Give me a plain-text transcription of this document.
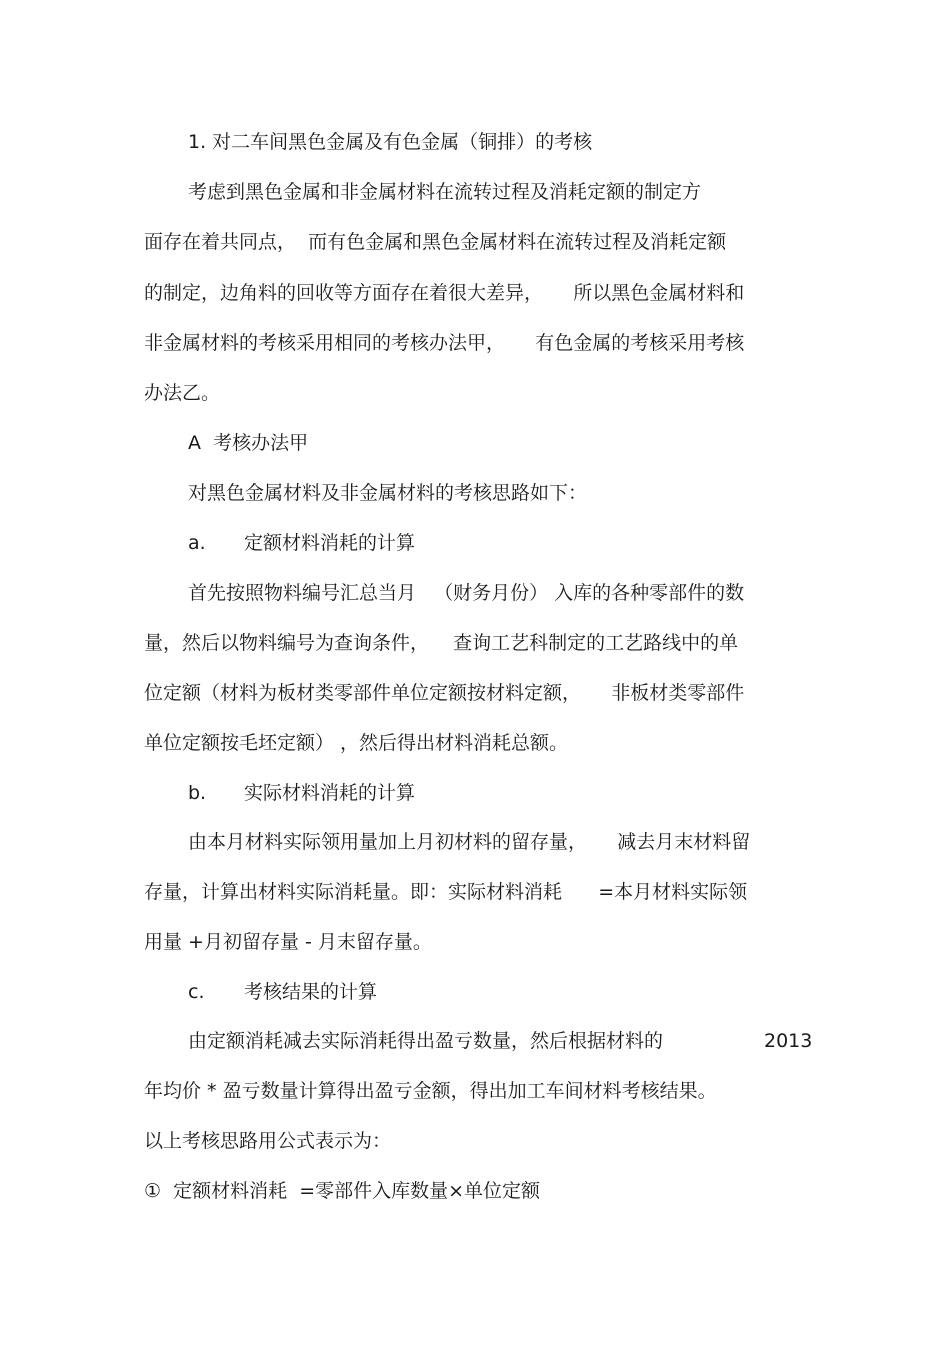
1. 对二车间黑色金属及有色金属（铜排）的考核
考虑到黑色金属和非金属材料在流转过程及消耗定额的制定方
面存在着共同点，  而有色金属和黑色金属材料在流转过程及消耗定额
的制定，边角料的回收等方面存在着很大差异，     所以黑色金属材料和
非金属材料的考核采用相同的考核办法甲，     有色金属的考核采用考核
办法乙。
A  考核办法甲
对黑色金属材料及非金属材料的考核思路如下：
a. 定额材料消耗的计算
首先按照物料编号汇总当月   （财务月份） 入库的各种零部件的数
量，然后以物料编号为查询条件，    查询工艺科制定的工艺路线中的单
位定额（材料为板材类零部件单位定额按材料定额，     非板材类零部件
单位定额按毛坯定额） ，然后得出材料消耗总额。
b. 实际材料消耗的计算
由本月材料实际领用量加上月初材料的留存量，     减去月末材料留
存量，计算出材料实际消耗量。即：实际材料消耗      =本月材料实际领
用量 +月初留存量 - 月末留存量。
c. 考核结果的计算
由定额消耗减去实际消耗得出盈亏数量，然后根据材料的	2013
年均价 * 盈亏数量计算得出盈亏金额，得出加工车间材料考核结果。
以上考核思路用公式表示为：
①  定额材料消耗  =零部件入库数量×单位定额
